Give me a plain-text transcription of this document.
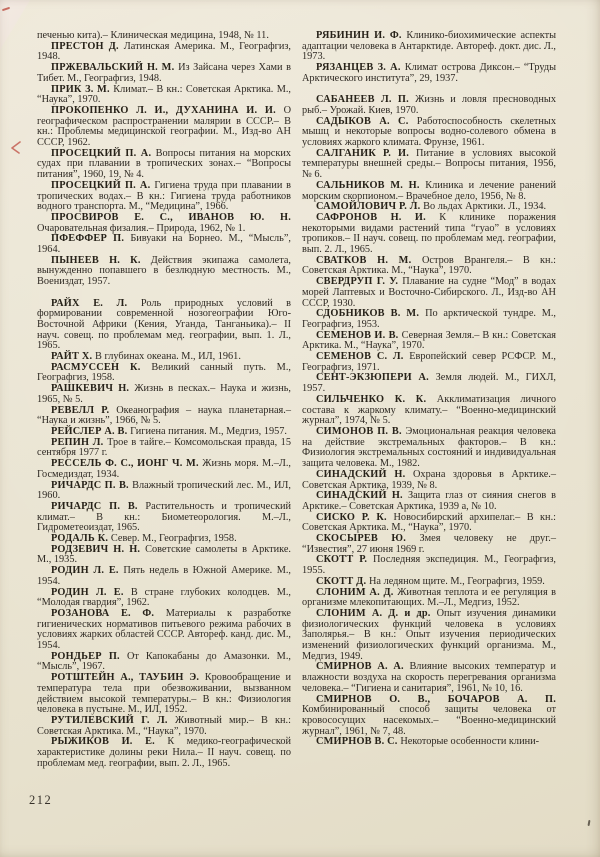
печенью кита).– Клиническая медицина, 1948, № 11.

ПРЕСТОН Д. Латинская Америка. М., Географгиз, 1948.

ПРЖЕВАЛЬСКИЙ Н. М. Из Зайсана через Хами в Тибет. М., Географгиз, 1948.

ПРИК З. М. Климат.– В кн.: Советская Арктика. М., “Наука”, 1970.

ПРОКОПЕНКО Л. И., ДУХАНИНА И. И. О географическом распространении малярии в СССР.– В кн.: Проблемы медицинской географии. М., Изд-во АН СССР, 1962.

ПРОСЕЦКИЙ П. А. Вопросы питания на морских судах при плавании в тропических зонах.– “Вопросы питания”, 1960, 19, № 4.

ПРОСЕЦКИЙ П. А. Гигиена труда при плавании в тропических водах.– В кн.: Гигиена труда работников водного транспорта. М., “Медицина”, 1966.

ПРОСВИРОВ Е. С., ИВАНОВ Ю. Н. Очаровательная физалия.– Природа, 1962, № 1.

ПФЕФФЕР П. Бивуаки на Борнео. М., “Мысль”, 1964.

ПЫНЕЕВ Н. К. Действия экипажа самолета, вынужденно попавшего в безлюдную местность. М., Воениздат, 1957.

РАЙХ Е. Л. Роль природных условий в формировании современной нозогеографии Юго-Восточной Африки (Кения, Уганда, Танганьика).– II науч. совещ. по проблемам мед. географии, вып. 1. Л., 1965.

РАЙТ Х. В глубинах океана. М., ИЛ, 1961.

РАСМУССЕН К. Великий санный путь. М., Географгиз, 1958.

РАШКЕВИЧ Н. Жизнь в песках.– Наука и жизнь, 1965, № 5.

РЕВЕЛЛ Р. Океанография – наука планетарная.– “Наука и жизнь”, 1966, № 5.

РЕЙСЛЕР А. В. Гигиена питания. М., Медгиз, 1957.

РЕПИН Л. Трое в тайге.– Комсомольская правда, 15 сентября 1977 г.

РЕССЕЛЬ Ф. С., ИОНГ Ч. М. Жизнь моря. М.–Л., Госмедиздат, 1934.

РИЧАРДС П. В. Влажный тропический лес. М., ИЛ, 1960.

РИЧАРДС П. В. Растительность и тропический климат.– В кн.: Биометеорология. М.–Л., Гидрометеоиздат, 1965.

РОДАЛЬ К. Север. М., Географгиз, 1958.

РОДЗЕВИЧ Н. Н. Советские самолеты в Арктике. М., 1935.

РОДИН Л. Е. Пять недель в Южной Америке. М., 1954.

РОДИН Л. Е. В стране глубоких колодцев. М., “Молодая гвардия”, 1962.

РОЗАНОВА Е. Ф. Материалы к разработке гигиенических нормативов питьевого режима рабочих в условиях жарких областей СССР. Автореф. канд. дис. М., 1954.

РОНДЬЕР П. От Капокабаны до Амазонки. М., “Мысль”, 1967.

РОТШТЕЙН А., ТАУБИН Э. Кровообращение и температура тела при обезвоживании, вызванном действием высокой температуры.– В кн.: Физиология человека в пустыне. М., ИЛ, 1952.

РУТИЛЕВСКИЙ Г. Л. Животный мир.– В кн.: Советская Арктика. М., “Наука”, 1970.

РЫЖИКОВ И. Е. К медико-географической характеристике долины реки Нила.– II науч. совещ. по проблемам мед. географии, вып. 2. Л., 1965.

РЯБИНИН И. Ф. Клинико-биохимические аспекты адаптации человека в Антарктиде. Автореф. докт. дис. Л., 1973.

РЯЗАНЦЕВ З. А. Климат острова Диксон.– “Труды Арктического института”, 29, 1937.

САБАНЕЕВ Л. П. Жизнь и ловля пресноводных рыб.– Урожай. Киев, 1970.

САДЫКОВ А. С. Работоспособность скелетных мышц и некоторые вопросы водно-солевого обмена в условиях жаркого климата. Фрунзе, 1961.

САЛГАНИК Р. И. Питание в условиях высокой температуры внешней среды.– Вопросы питания, 1956, № 6.

САЛЬНИКОВ М. Н. Клиника и лечение ранений морским скорпионом.– Врачебное дело, 1956, № 8.

САМОЙЛОВИЧ Р. Л. Во льдах Арктики. Л., 1934.

САФРОНОВ Н. И. К клинике поражения некоторыми видами растений типа “гуао” в условиях тропиков.– II науч. совещ. по проблемам мед. географии, вып. 2. Л., 1965.

СВАТКОВ Н. М. Остров Врангеля.– В кн.: Советская Арктика. М., “Наука”, 1970.

СВЕРДРУП Г. У. Плавание на судне “Мод” в водах морей Лаптевых и Восточно-Сибирского. Л., Изд-во АН СССР, 1930.

СДОБНИКОВ В. М. По арктической тундре. М., Географгиз, 1953.

СЕМЕНОВ И. В. Северная Земля.– В кн.: Советская Арктика. М., “Наука”, 1970.

СЕМЕНОВ С. Л. Европейский север РСФСР. М., Географгиз, 1971.

СЕНТ-ЭКЗЮПЕРИ А. Земля людей. М., ГИХЛ, 1957.

СИЛЬЧЕНКО К. К. Акклиматизация личного состава к жаркому климату.– “Военно-медицинский журнал”, 1974, № 5.

СИМОНОВ П. В. Эмоциональная реакция человека на действие экстремальных факторов.– В кн.: Физиология экстремальных состояний и индивидуальная защита человека. М., 1982.

СИНАДСКИЙ Н. Охрана здоровья в Арктике.– Советская Арктика, 1939, № 8.

СИНАДСКИЙ Н. Защита глаз от сияния снегов в Арктике.– Советская Арктика, 1939 а, № 10.

СИСКО Р. К. Новосибирский архипелаг.– В кн.: Советская Арктика. М., “Наука”, 1970.

СКОСЫРЕВ Ю. Змея человеку не друг.– “Известия”, 27 июня 1969 г.

СКОТТ Р. Последняя экспедиция. М., Географгиз, 1955.

СКОТТ Д. На ледяном щите. М., Географгиз, 1959.

СЛОНИМ А. Д. Животная теплота и ее регуляция в организме млекопитающих. М.–Л., Медгиз, 1952.

СЛОНИМ А. Д. и др. Опыт изучения динамики физиологических функций человека в условиях Заполярья.– В кн.: Опыт изучения периодических изменений физиологических функций организма. М., Медгиз, 1949.

СМИРНОВ А. А. Влияние высоких температур и влажности воздуха на скорость перегревания организма человека.– “Гигиена и санитария”, 1961, № 10, 16.

СМИРНОВ О. В., БОЧАРОВ А. П. Комбинированный способ защиты человека от кровососущих насекомых.– “Военно-медицинский журнал”, 1961, № 7, 48.

СМИРНОВ В. С. Некоторые особенности клини-

212
